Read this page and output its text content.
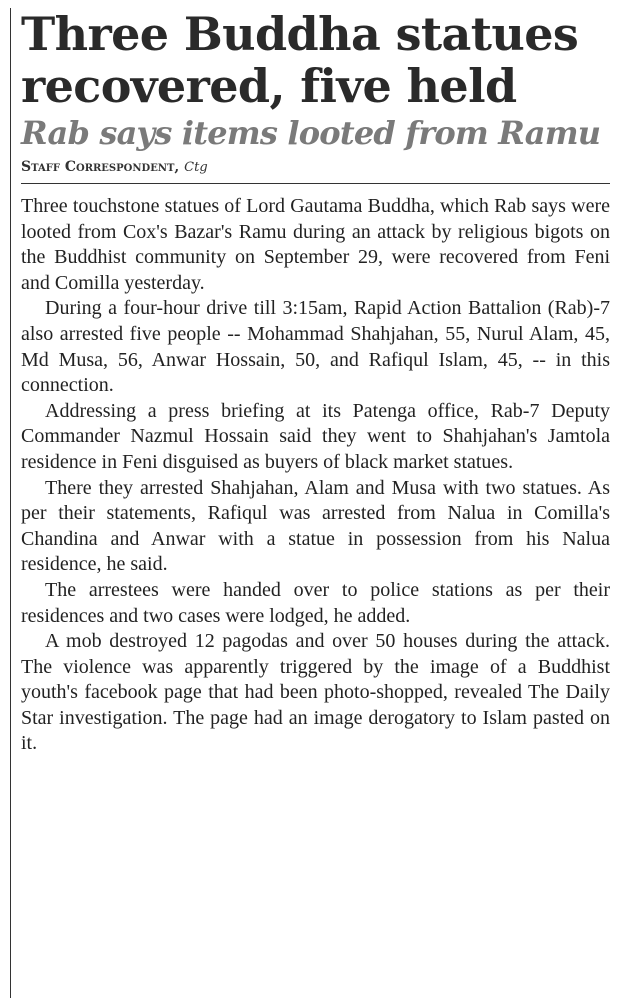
Three Buddha statues recovered, five held
Rab says items looted from Ramu
Staff Correspondent, Ctg

Three touchstone statues of Lord Gautama Buddha, which Rab says were looted from Cox's Bazar's Ramu during an attack by religious bigots on the Buddhist community on September 29, were recovered from Feni and Comilla yesterday.

During a four-hour drive till 3:15am, Rapid Action Battalion (Rab)-7 also arrested five people -- Mohammad Shahjahan, 55, Nurul Alam, 45, Md Musa, 56, Anwar Hossain, 50, and Rafiqul Islam, 45, -- in this connection.

Addressing a press briefing at its Patenga office, Rab-7 Deputy Commander Nazmul Hossain said they went to Shahjahan's Jamtola residence in Feni disguised as buyers of black market statues.

There they arrested Shahjahan, Alam and Musa with two statues. As per their statements, Rafiqul was arrested from Nalua in Comilla's Chandina and Anwar with a statue in possession from his Nalua residence, he said.

The arrestees were handed over to police stations as per their residences and two cases were lodged, he added.

A mob destroyed 12 pagodas and over 50 houses during the attack. The violence was apparently triggered by the image of a Buddhist youth's facebook page that had been photo-shopped, revealed The Daily Star investigation. The page had an image derogatory to Islam pasted on it.
